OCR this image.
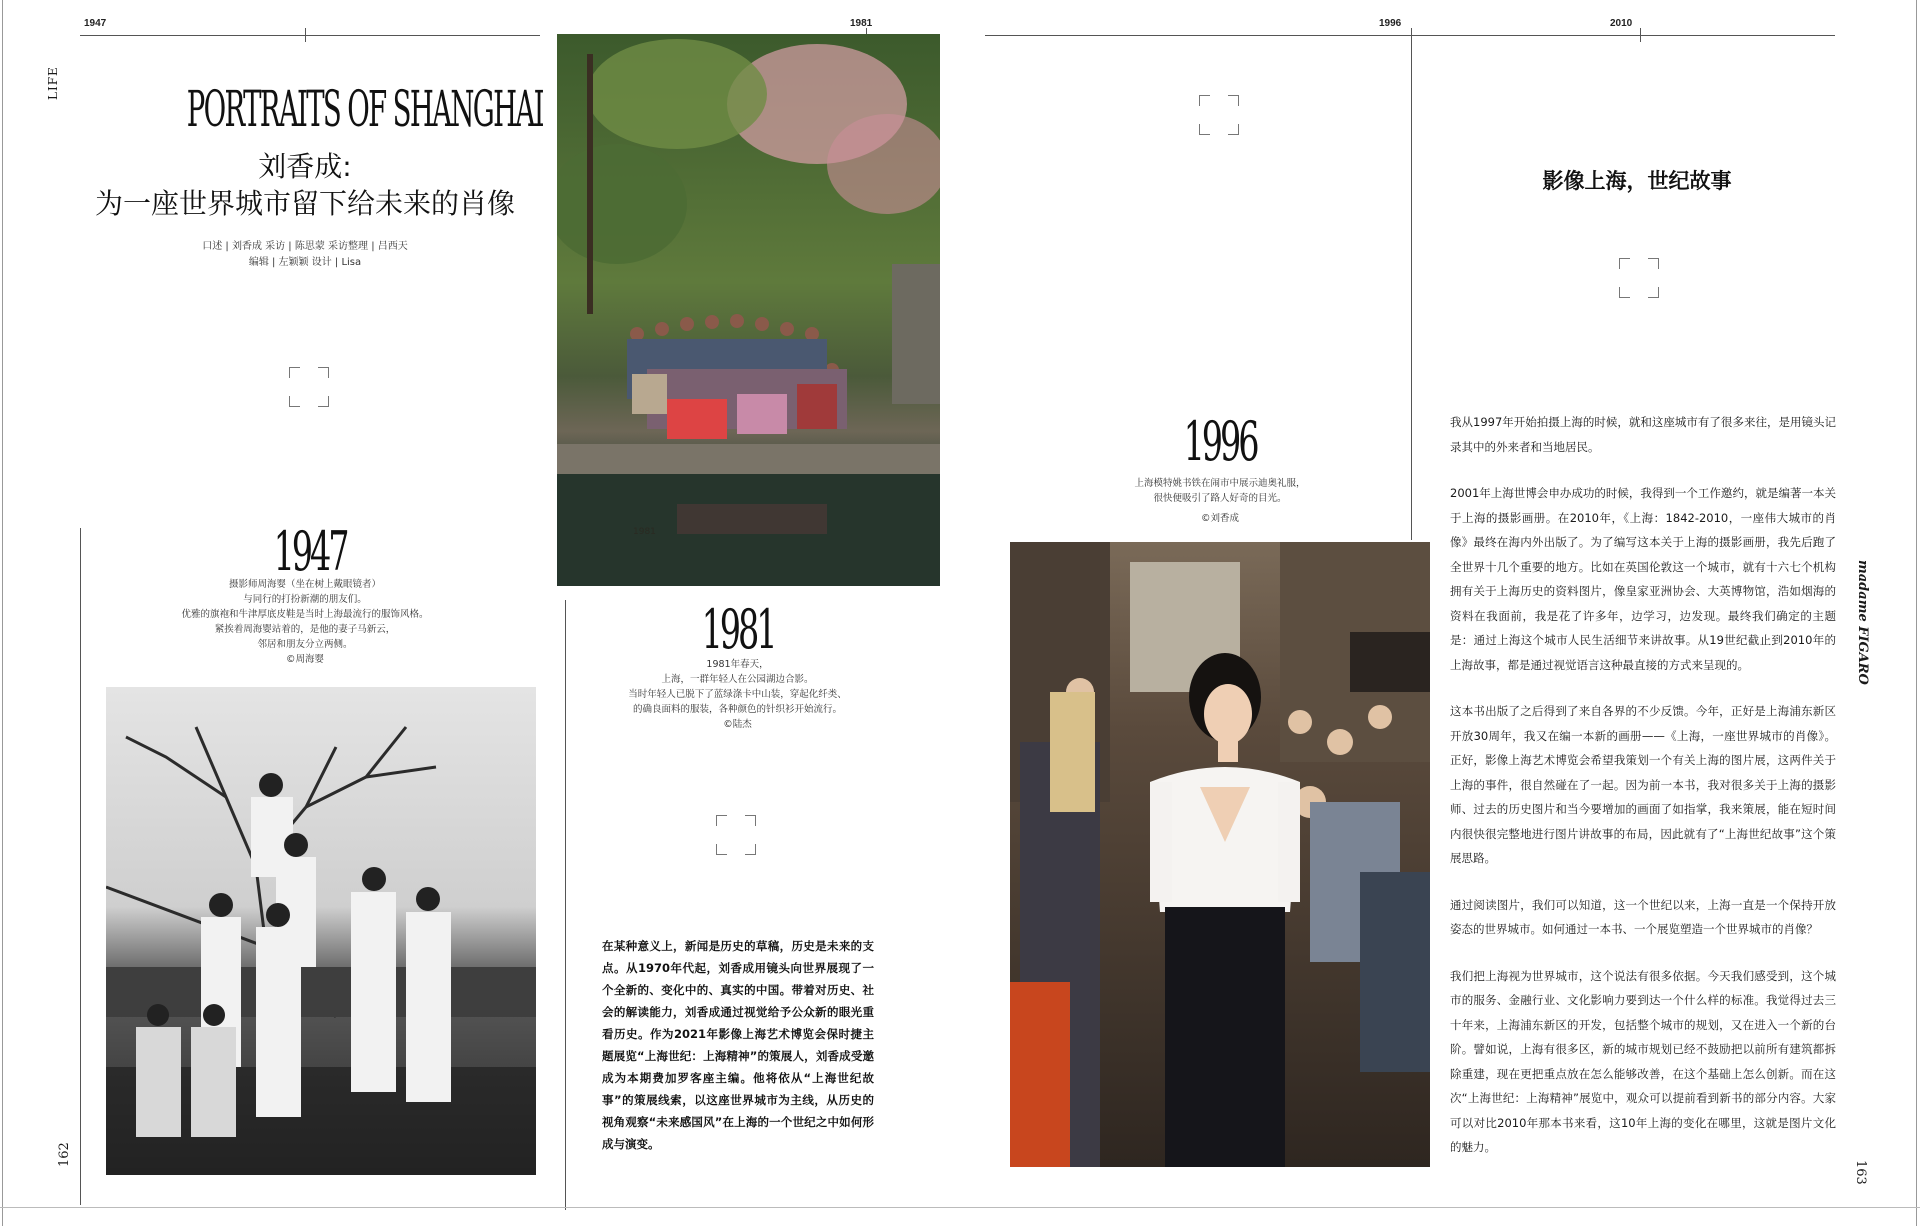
1947	1981	1996	2010
LIFE	PORTRAITS OF SHANGHAI
刘香成:
为一座世界城市留下给未来的肖像
口述 | 刘香成 采访 | 陈思蒙 采访整理 | 吕西天
编辑 | 左颖颖 设计 | Lisa
1981
1947
摄影师周海婴（坐在树上戴眼镜者）
与同行的打扮新潮的朋友们。
优雅的旗袍和牛津厚底皮鞋是当时上海最流行的服饰风格。
紧挨着周海婴站着的，是他的妻子马新云，
邻居和朋友分立两侧。
©周海婴	1981
1981年春天，
上海，一群年轻人在公园湖边合影。
当时年轻人已脱下了蓝绿涤卡中山装，穿起化纤类、
的确良面料的服装，各种颜色的针织衫开始流行。
©陆杰
在某种意义上，新闻是历史的草稿，历史是未来的支点。从1970年代起，刘香成用镜头向世界展现了一个全新的、变化中的、真实的中国。带着对历史、社会的解读能力，刘香成通过视觉给予公众新的眼光重看历史。作为2021年影像上海艺术博览会保时捷主题展览“上海世纪：上海精神”的策展人，刘香成受邀成为本期费加罗客座主编。他将依从“上海世纪故事”的策展线索，以这座世界城市为主线，从历史的视角观察“未来感国风”在上海的一个世纪之中如何形成与演变。
162
1996
上海模特姚书铁在闹市中展示迪奥礼服，
很快便吸引了路人好奇的目光。
©刘香成
影像上海，世纪故事

我从1997年开始拍摄上海的时候，就和这座城市有了很多来往，是用镜头记录其中的外来者和当地居民。

2001年上海世博会申办成功的时候，我得到一个工作邀约，就是编著一本关于上海的摄影画册。在2010年，《上海：1842-2010，一座伟大城市的肖像》最终在海内外出版了。为了编写这本关于上海的摄影画册，我先后跑了全世界十几个重要的地方。比如在英国伦敦这一个城市，就有十六七个机构拥有关于上海历史的资料图片，像皇家亚洲协会、大英博物馆，浩如烟海的资料在我面前，我是花了许多年，边学习，边发现。最终我们确定的主题是：通过上海这个城市人民生活细节来讲故事。从19世纪截止到2010年的上海故事，都是通过视觉语言这种最直接的方式来呈现的。

这本书出版了之后得到了来自各界的不少反馈。今年，正好是上海浦东新区开放30周年，我又在编一本新的画册——《上海，一座世界城市的肖像》。正好，影像上海艺术博览会希望我策划一个有关上海的图片展，这两件关于上海的事件，很自然碰在了一起。因为前一本书，我对很多关于上海的摄影师、过去的历史图片和当今要增加的画面了如指掌，我来策展，能在短时间内很快很完整地进行图片讲故事的布局，因此就有了“上海世纪故事”这个策展思路。

通过阅读图片，我们可以知道，这一个世纪以来，上海一直是一个保持开放姿态的世界城市。如何通过一本书、一个展览塑造一个世界城市的肖像？

我们把上海视为世界城市，这个说法有很多依据。今天我们感受到，这个城市的服务、金融行业、文化影响力要到达一个什么样的标准。我觉得过去三十年来，上海浦东新区的开发，包括整个城市的规划，又在进入一个新的台阶。譬如说，上海有很多区，新的城市规划已经不鼓励把以前所有建筑都拆除重建，现在更把重点放在怎么能够改善，在这个基础上怎么创新。而在这次“上海世纪：上海精神”展览中，观众可以提前看到新书的部分内容。大家可以对比2010年那本书来看，这10年上海的变化在哪里，这就是图片文化的魅力。

madame FIGARO
163
